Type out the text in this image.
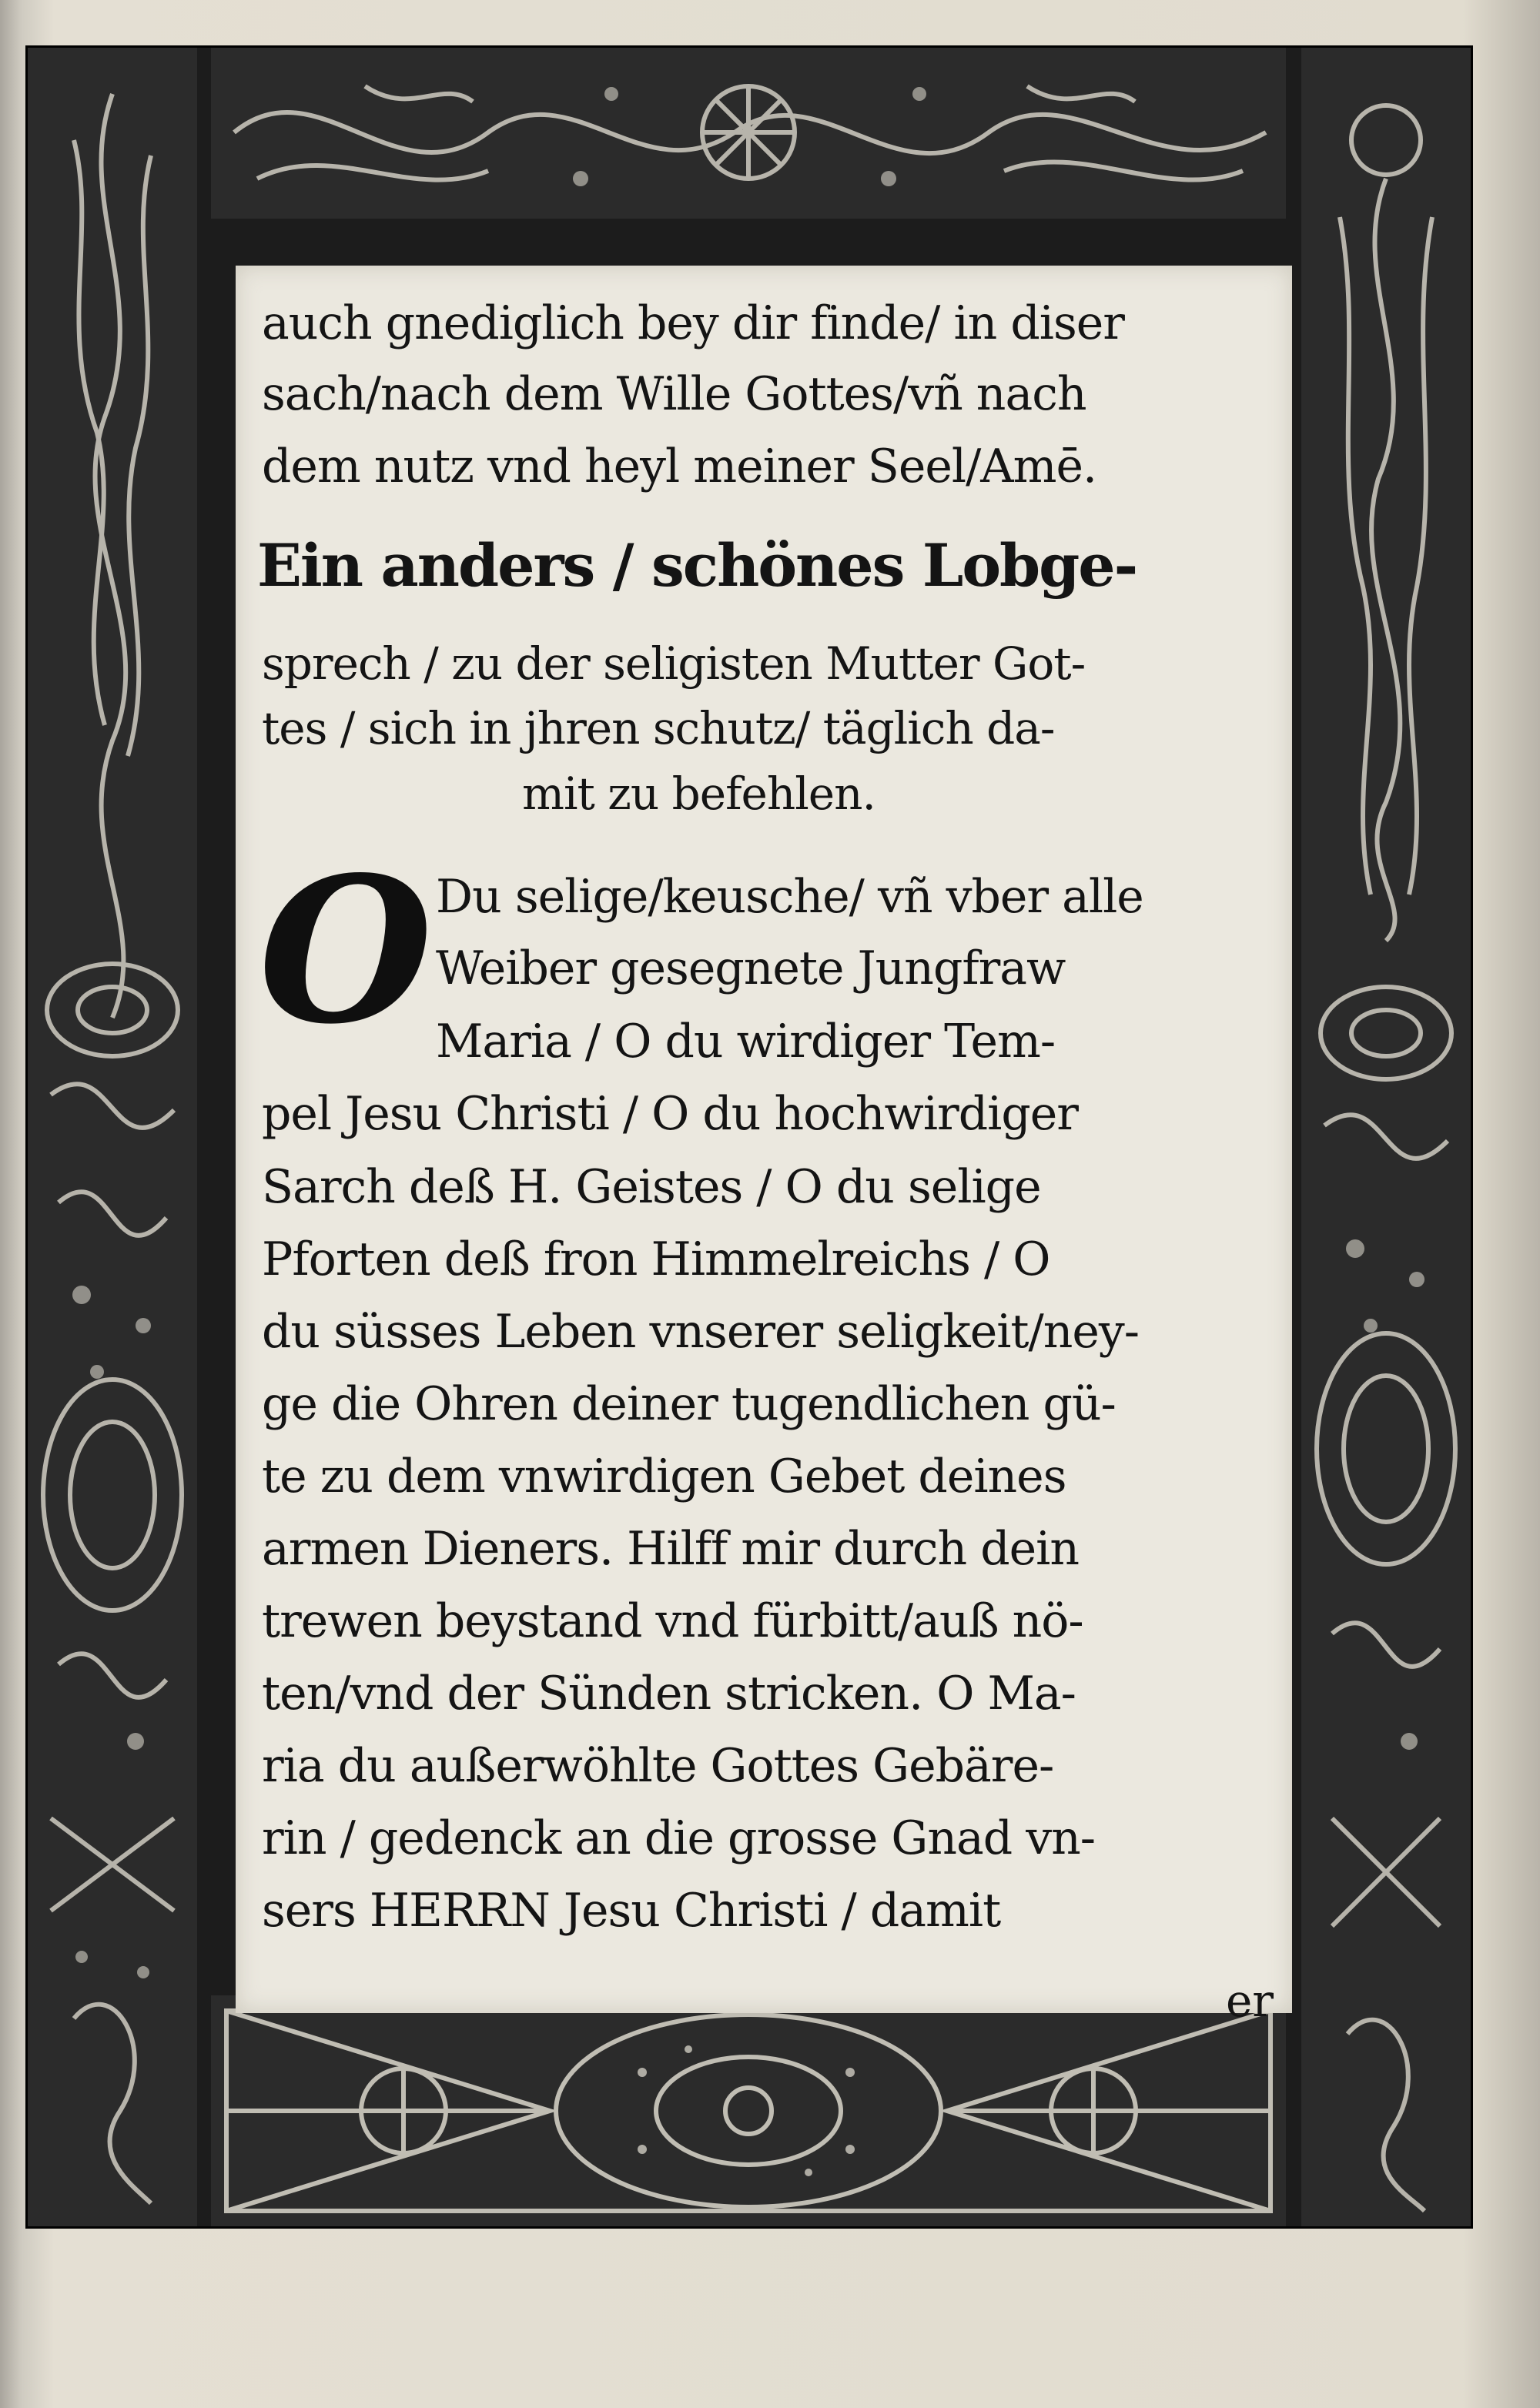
auch gnediglich bey dir finde/ in diser
sach/nach dem Wille Gottes/vñ nach
dem nutz vnd heyl meiner Seel/Amē.
Ein anders / schönes Lobge-
sprech / zu der seligisten Mutter Got-
tes / sich in jhren schutz/ täglich da-
mit zu befehlen.
O Du selige/keusche/ vñ vber alle
Weiber gesegnete Jungfraw
Maria / O du wirdiger Tem-
pel Jesu Christi / O du hochwirdiger
Sarch deß H. Geistes / O du selige
Pforten deß fron Himmelreichs / O
du süsses Leben vnserer seligkeit/ney-
ge die Ohren deiner tugendlichen gü-
te zu dem vnwirdigen Gebet deines
armen Dieners. Hilff mir durch dein
trewen beystand vnd fürbitt/auß nö-
ten/vnd der Sünden stricken. O Ma-
ria du außerwöhlte Gottes Gebäre-
rin / gedenck an die grosse Gnad vn-
sers HERRN Jesu Christi / damit
er
